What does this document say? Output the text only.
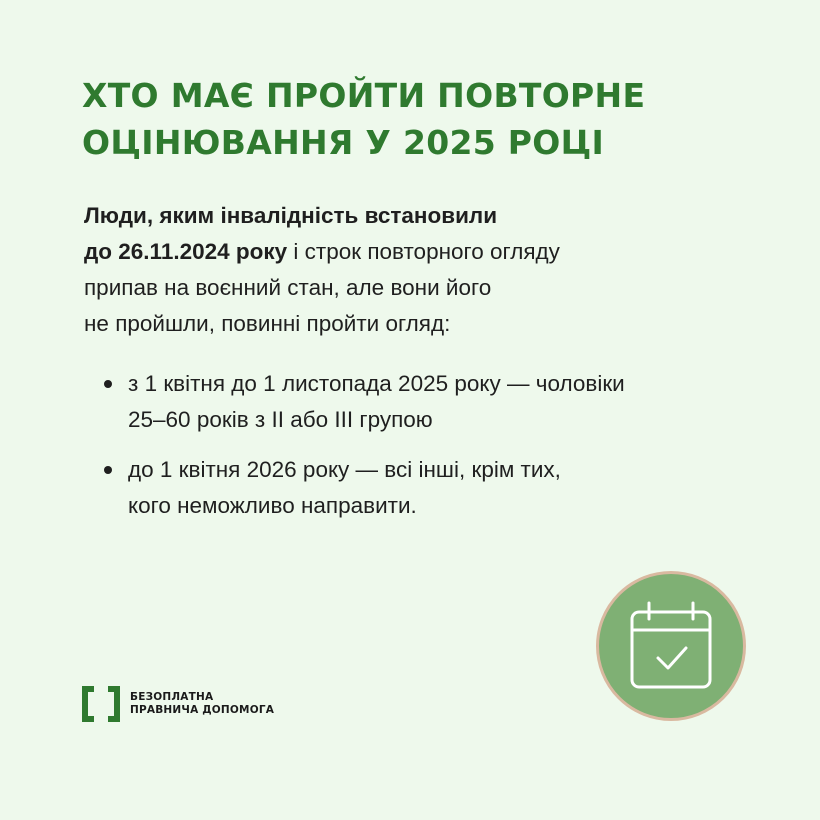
ХТО МАЄ ПРОЙТИ ПОВТОРНЕ
ОЦІНЮВАННЯ У 2025 РОЦІ

Люди, яким інвалідність встановили
до 26.11.2024 року і строк повторного огляду
припав на воєнний стан, але вони його
не пройшли, повинні пройти огляд:

з 1 квітня до 1 листопада 2025 року — чоловіки
25–60 років з ІІ або ІІІ групою
до 1 квітня 2026 року — всі інші, крім тих,
кого неможливо направити.
БЕЗОПЛАТНА
ПРАВНИЧА ДОПОМОГА
